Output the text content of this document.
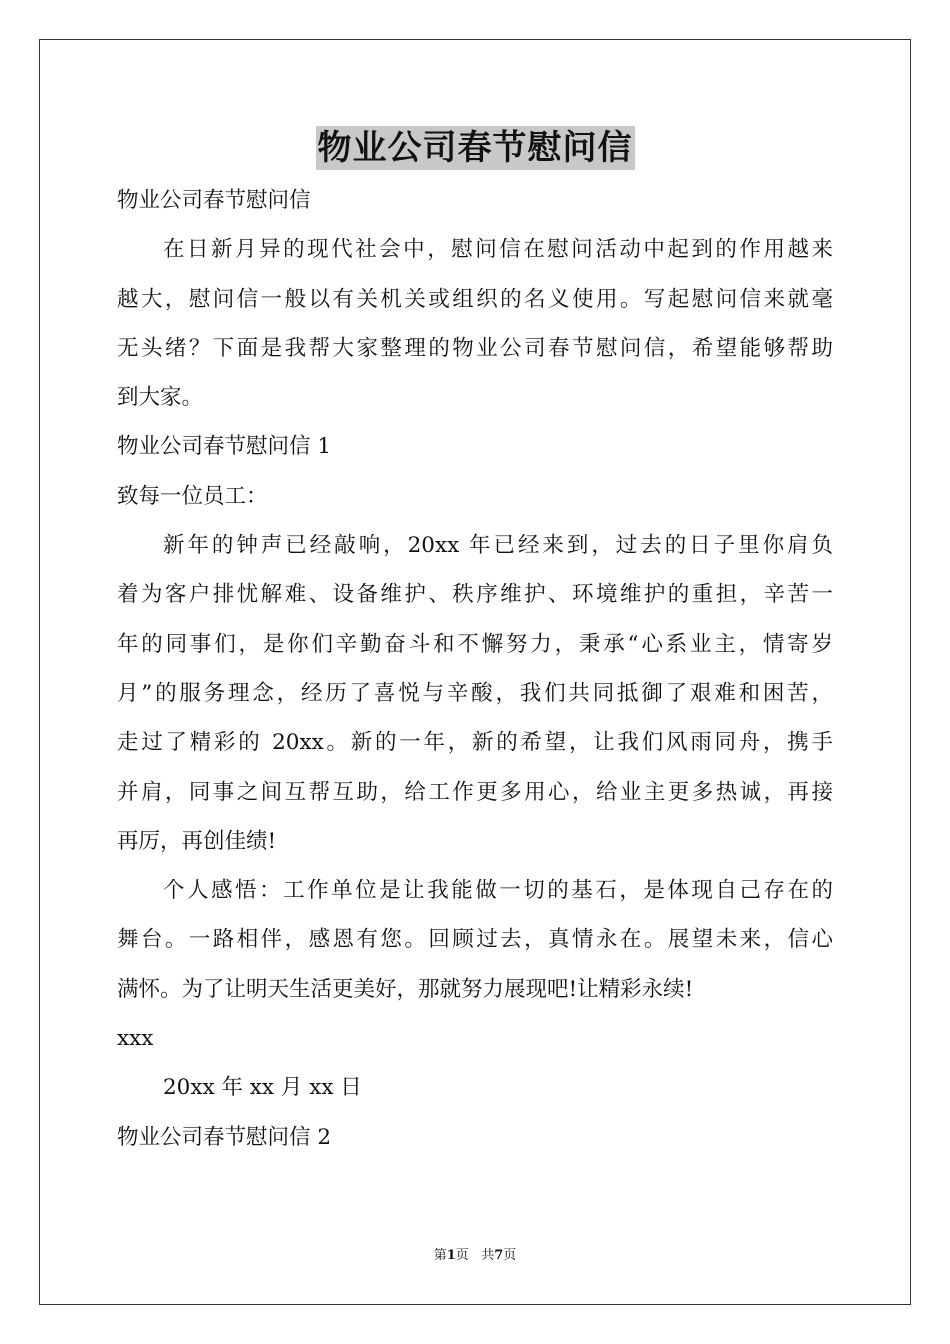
物业公司春节慰问信
物业公司春节慰问信
在日新月异的现代社会中，慰问信在慰问活动中起到的作用越来
越大，慰问信一般以有关机关或组织的名义使用。写起慰问信来就毫
无头绪？下面是我帮大家整理的物业公司春节慰问信，希望能够帮助
到大家。
物业公司春节慰问信 1
致每一位员工：
新年的钟声已经敲响，20xx 年已经来到，过去的日子里你肩负
着为客户排忧解难、设备维护、秩序维护、环境维护的重担，辛苦一
年的同事们，是你们辛勤奋斗和不懈努力，秉承“心系业主，情寄岁
月”的服务理念，经历了喜悦与辛酸，我们共同抵御了艰难和困苦，
走过了精彩的 20xx。新的一年，新的希望，让我们风雨同舟，携手
并肩，同事之间互帮互助，给工作更多用心，给业主更多热诚，再接
再厉，再创佳绩!
个人感悟：工作单位是让我能做一切的基石，是体现自己存在的
舞台。一路相伴，感恩有您。回顾过去，真情永在。展望未来，信心
满怀。为了让明天生活更美好，那就努力展现吧!让精彩永续!
xxx
20xx 年 xx 月 xx 日
物业公司春节慰问信 2
第1页 共7页
